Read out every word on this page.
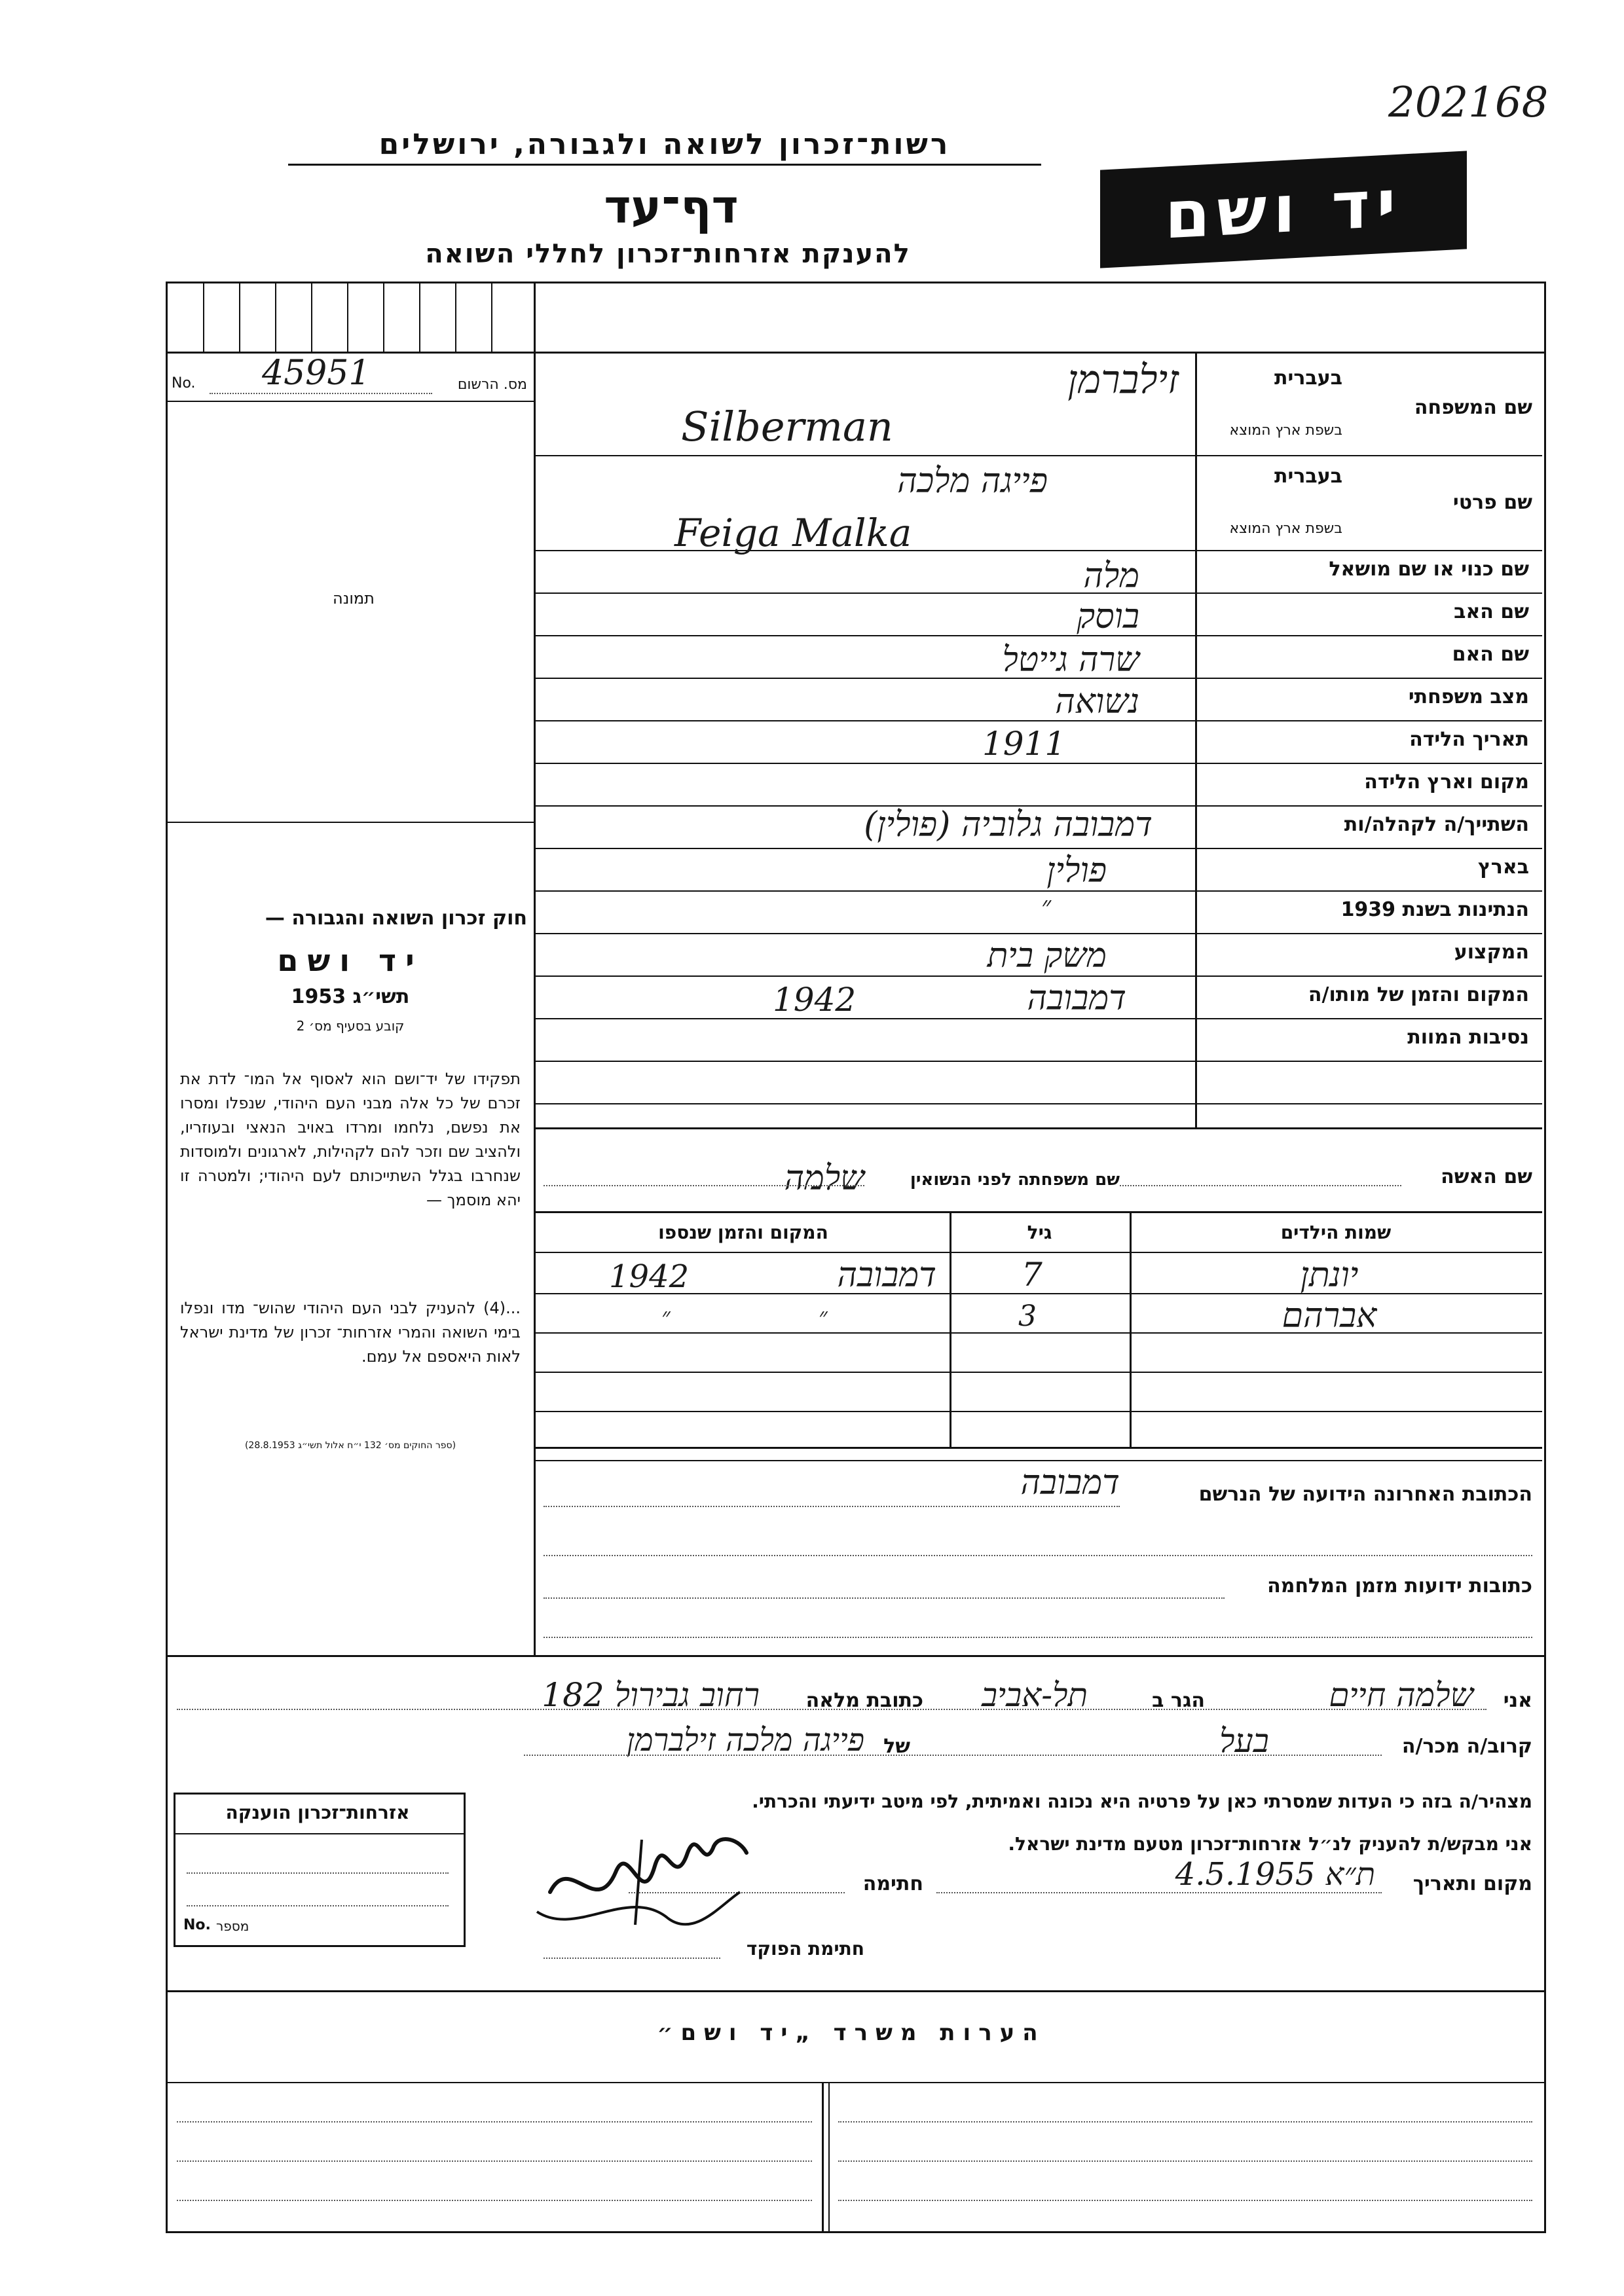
202168
רשות־זכרון לשואה ולגבורה, ירושלים
דף־עד
להענקת אזרחות־זכרון לחללי השואה
יד ושם
No. 45951	מס. הרשום
תמונה
בעברית
שם המשפחה
בשפת ארץ המוצא
בעברית
שם פרטי
בשפת ארץ המוצא
שם כנוי או שם מושאל
שם האב
שם האם
מצב משפחתי
תאריך הלידה
מקום וארץ הלידה
השתייך/ה לקהלה/ות
בארץ
הנתינות בשנת 1939
המקצוע
המקום והזמן של מותו/ה
נסיבות המוות
זילברמן
Silberman
פייגה מלכה
Feiga Malka
מלה
בוסק
שרה גייטל
נשואה
1911
דמבובה גלוביה (פולין)
פולין
״
משק בית
דמבובה
1942
חוק זכרון השואה והגבורה —
יד ושם
תשי״ג 1953
קובע בסעיף מס׳ 2
תפקידו של יד־ושם הוא לאסוף אל המו־ לדת את זכרם של כל אלה מבני העם היהודי, שנפלו ומסרו את נפשם, נלחמו ומרדו באויב הנאצי ובעוזריו, ולהציב שם וזכר להם לקהילות, לארגונים ולמוסדות שנחרבו בגלל השתייכותם לעם היהודי; ולמטרה זו יהא מוסמך —
...(4) להעניק לבני העם היהודי שהוש־ מדו ונפלו בימי השואה והמרי אזרחות־ זכרון של מדינת ישראל לאות היאספם אל עמם.
(ספר החוקים מס׳ 132 י״ח אלול תשי״ג 28.8.1953)
שם האשה
שם משפחתה לפני הנשואין
שלמה
שמות הילדים
גיל
המקום והזמן שנספו
יונתן
7
דמבובה
1942
אברהם
3
״
״
הכתובת האחרונה הידועה של הנרשם
דמבובה
כתובות ידועות מזמן המלחמה
אני
שלמה חיים
הגר ב
תל-אביב
כתובת מלאה
רחוב גבירול 182
קרוב/ה מכר/ה
בעל
של
פייגה מלכה זילברמן
מצהיר/ה בזה כי העדות שמסרתי כאן על פרטיה היא נכונה ואמיתית, לפי מיטב ידיעתי והכרתי.
אני מבקש/ת להעניק לנ״ל אזרחות־זכרון מטעם מדינת ישראל.
מקום ותאריך
ת״א 4.5.1955
חתימה
חתימת הפוקד
אזרחות־זכרון הוענקה
No. מספר
הערות משרד „יד ושם״
